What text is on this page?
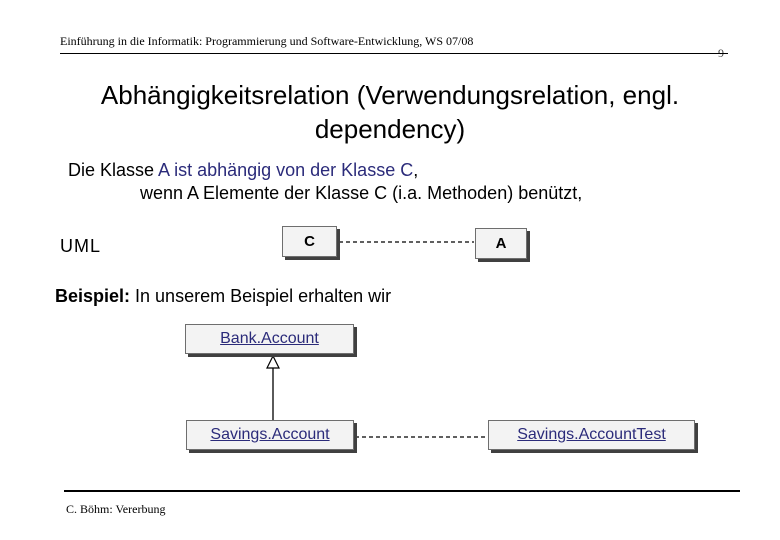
Einführung in die Informatik: Programmierung und Software-Entwicklung, WS 07/08
9
Abhängigkeitsrelation (Verwendungsrelation, engl. dependency)
Die Klasse A ist abhängig von der Klasse C,
wenn A Elemente der Klasse C (i.a. Methoden) benützt,
UML	C	A
Beispiel: In unserem Beispiel erhalten wir
Bank.Account
Savings.Account	Savings.AccountTest
C. Böhm: Vererbung
